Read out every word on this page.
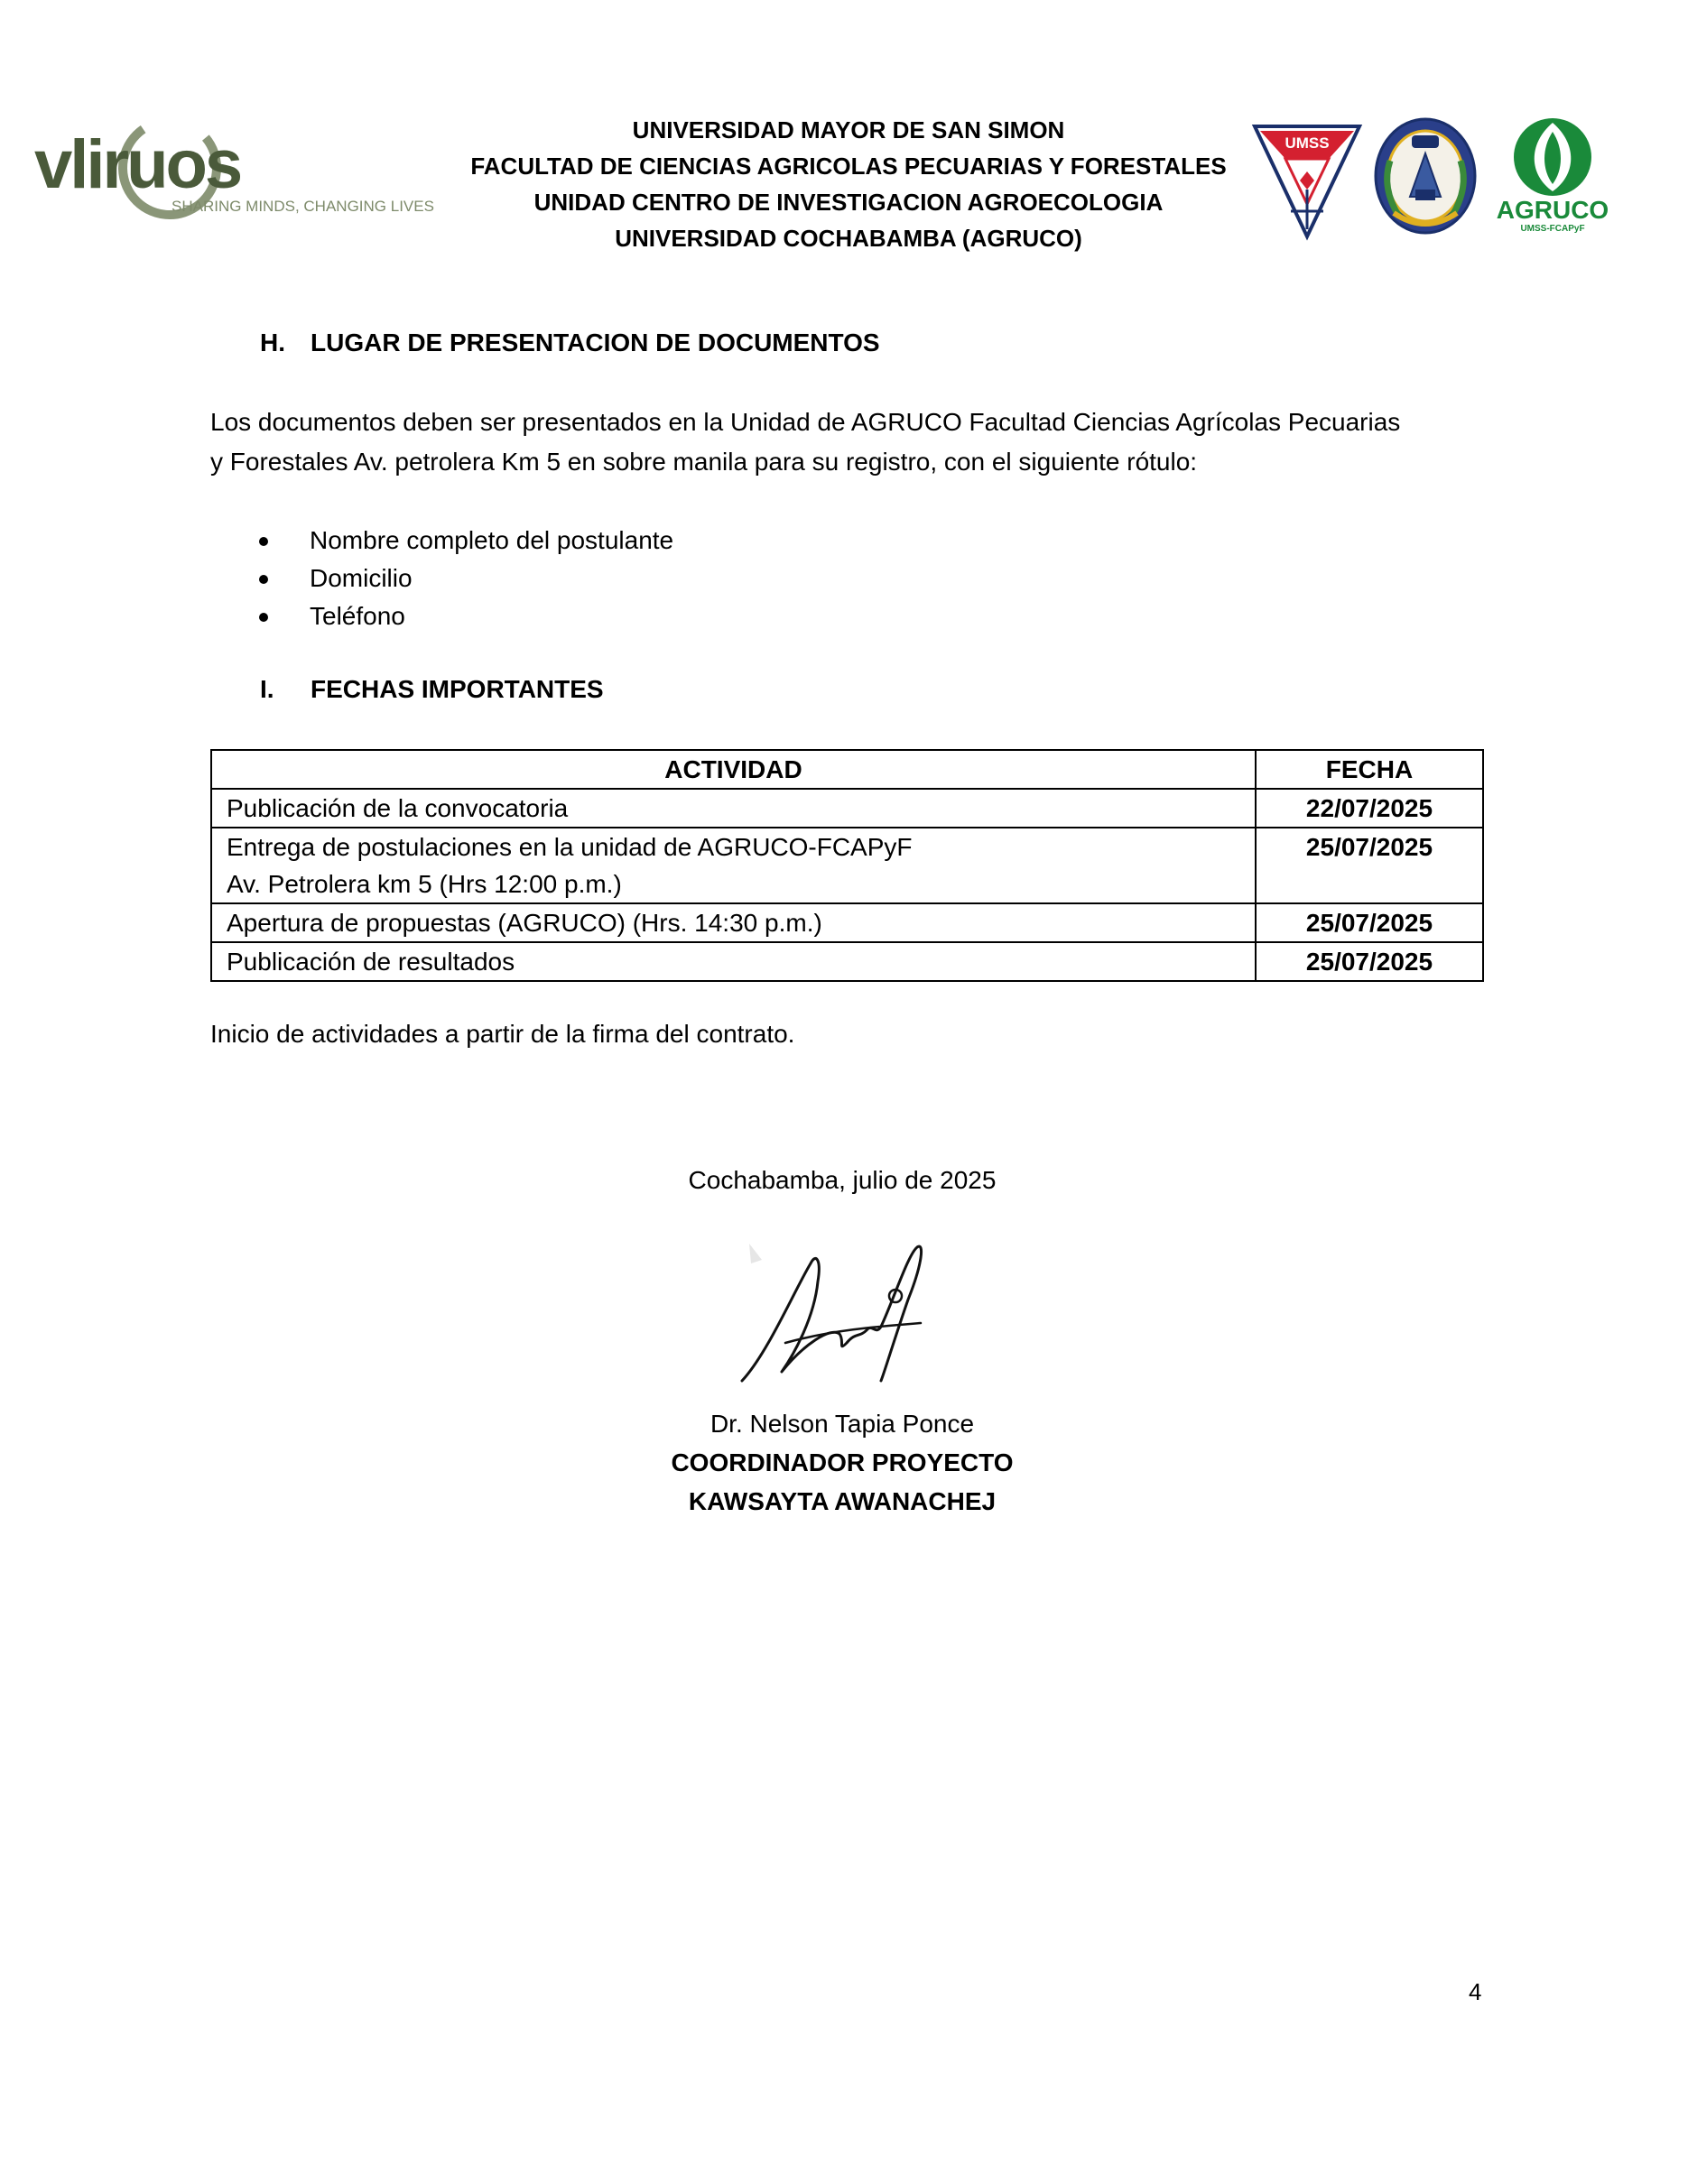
vliruos
SHARING MINDS, CHANGING LIVES
UNIVERSIDAD MAYOR DE SAN SIMON
FACULTAD DE CIENCIAS AGRICOLAS PECUARIAS Y FORESTALES
UNIDAD CENTRO DE INVESTIGACION AGROECOLOGIA
UNIVERSIDAD COCHABAMBA (AGRUCO)
UMSS
AGRUCO
UMSS-FCAPyF
H. LUGAR DE PRESENTACION DE DOCUMENTOS
Los documentos deben ser presentados en la Unidad de AGRUCO Facultad Ciencias Agrícolas Pecuarias
y Forestales Av. petrolera Km 5 en sobre manila para su registro, con el siguiente rótulo:
Nombre completo del postulante
Domicilio
Teléfono
I. FECHAS IMPORTANTES
ACTIVIDAD	FECHA
Publicación de la convocatoria	22/07/2025
Entrega de postulaciones en la unidad de AGRUCO-FCAPyF
Av. Petrolera km 5 (Hrs 12:00 p.m.)	25/07/2025
Apertura de propuestas (AGRUCO) (Hrs. 14:30 p.m.)	25/07/2025
Publicación de resultados	25/07/2025
Inicio de actividades a partir de la firma del contrato.
Cochabamba, julio de 2025
Dr. Nelson Tapia Ponce
COORDINADOR PROYECTO
KAWSAYTA AWANACHEJ
4
